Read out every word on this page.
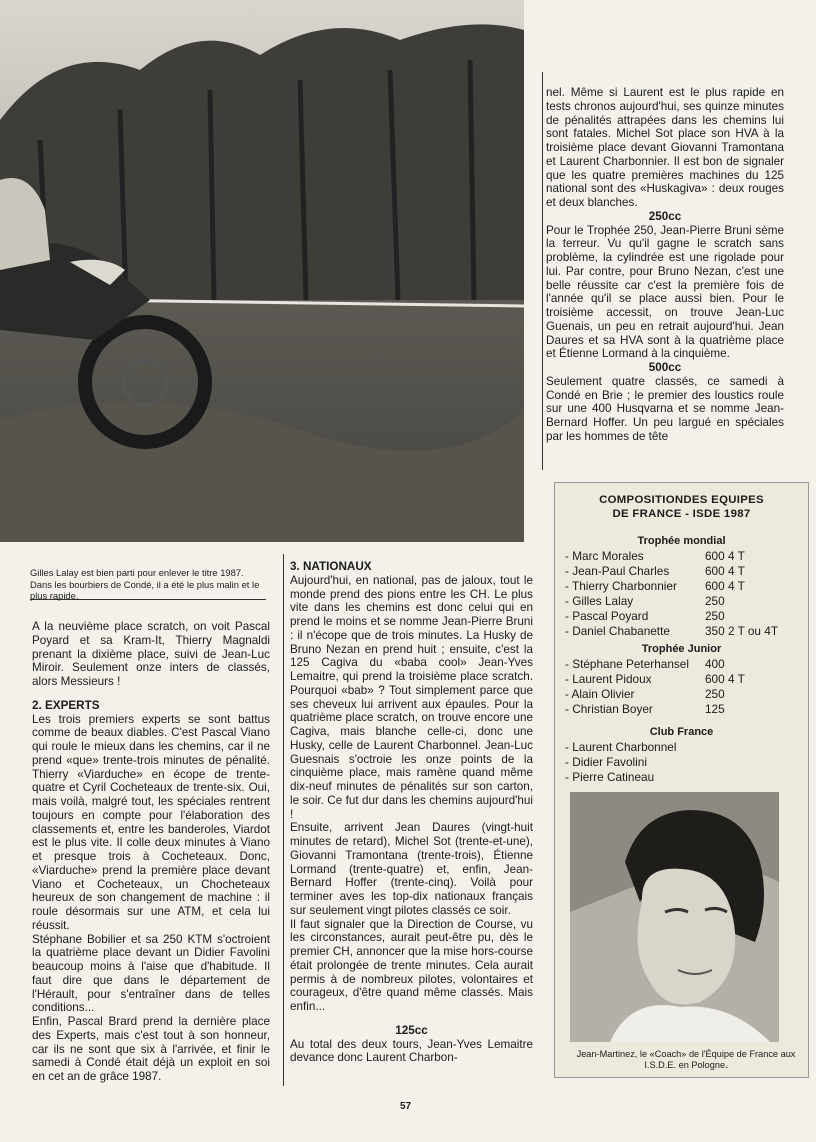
Gilles Lalay est bien parti pour enlever le titre 1987. Dans les bourbiers de Condé, il a été le plus malin et le plus rapide.

A la neuvième place scratch, on voit Pascal Poyard et sa Kram-It, Thierry Magnaldi prenant la dixième place, suivi de Jean-Luc Miroir. Seulement onze inters de classés, alors Messieurs !

2. EXPERTS

Les trois premiers experts se sont battus comme de beaux diables. C'est Pascal Viano qui roule le mieux dans les chemins, car il ne prend «que» trente-trois minutes de pénalité. Thierry «Viarduche» en écope de trente-quatre et Cyril Cocheteaux de trente-six. Oui, mais voilà, malgré tout, les spéciales rentrent toujours en compte pour l'élaboration des classements et, entre les banderoles, Viardot est le plus vite. Il colle deux minutes à Viano et presque trois à Cocheteaux. Donc, «Viarduche» prend la première place devant Viano et Cocheteaux, un Chocheteaux heureux de son changement de machine : il roule désormais sur une ATM, et cela lui réussit.

Stéphane Bobilier et sa 250 KTM s'octroient la quatrième place devant un Didier Favolini beaucoup moins à l'aise que d'habitude. Il faut dire que dans le département de l'Hérault, pour s'entraîner dans de telles conditions...

Enfin, Pascal Brard prend la dernière place des Experts, mais c'est tout à son honneur, car ils ne sont que six à l'arrivée, et finir le samedi à Condé était déjà un exploit en soi en cet an de grâce 1987.

3. NATIONAUX

Aujourd'hui, en national, pas de jaloux, tout le monde prend des pions entre les CH. Le plus vite dans les chemins est donc celui qui en prend le moins et se nomme Jean-Pierre Bruni : il n'écope que de trois minutes. La Husky de Bruno Nezan en prend huit ; ensuite, c'est la 125 Cagiva du «baba cool» Jean-Yves Lemaitre, qui prend la troisième place scratch. Pourquoi «bab» ? Tout simplement parce que ses cheveux lui arrivent aux épaules. Pour la quatrième place scratch, on trouve encore une Cagiva, mais blanche celle-ci, donc une Husky, celle de Laurent Charbonnel. Jean-Luc Guesnais s'octroie les onze points de la cinquième place, mais ramène quand même dix-neuf minutes de pénalités sur son carton, le soir. Ce fut dur dans les chemins aujourd'hui !

Ensuite, arrivent Jean Daures (vingt-huit minutes de retard), Michel Sot (trente-et-une), Giovanni Tramontana (trente-trois), Étienne Lormand (trente-quatre) et, enfin, Jean-Bernard Hoffer (trente-cinq). Voilà pour terminer aves les top-dix nationaux français sur seulement vingt pilotes classés ce soir.

Il faut signaler que la Direction de Course, vu les circonstances, aurait peut-être pu, dès le premier CH, annoncer que la mise hors-course était prolongée de trente minutes. Cela aurait permis à de nombreux pilotes, volontaires et courageux, d'être quand même classés. Mais enfin...

125cc

Au total des deux tours, Jean-Yves Lemaitre devance donc Laurent Charbon-

nel. Même si Laurent est le plus rapide en tests chronos aujourd'hui, ses quinze minutes de pénalités attrapées dans les chemins lui sont fatales. Michel Sot place son HVA à la troisième place devant Giovanni Tramontana et Laurent Charbonnier. Il est bon de signaler que les quatre premières machines du 125 national sont des «Huskagiva» : deux rouges et deux blanches.

250cc

Pour le Trophée 250, Jean-Pierre Bruni sème la terreur. Vu qu'il gagne le scratch sans problème, la cylindrée est une rigolade pour lui. Par contre, pour Bruno Nezan, c'est une belle réussite car c'est la première fois de l'année qu'il se place aussi bien. Pour le troisième accessit, on trouve Jean-Luc Guenais, un peu en retrait aujourd'hui. Jean Daures et sa HVA sont à la quatrième place et Étienne Lormand à la cinquième.

500cc

Seulement quatre classés, ce samedi à Condé en Brie ; le premier des loustics roule sur une 400 Husqvarna et se nomme Jean-Bernard Hoffer. Un peu largué en spéciales par les hommes de tête

COMPOSITIONDES EQUIPES
DE FRANCE - ISDE 1987
Trophée mondial
- Marc Morales	600 4 T
- Jean-Paul Charles	600 4 T
- Thierry Charbonnier	600 4 T
- Gilles Lalay	250
- Pascal Poyard	250
- Daniel Chabanette	350 2 T ou 4T
Trophée Junior
- Stéphane Peterhansel	400
- Laurent Pidoux	600 4 T
- Alain Olivier	250
- Christian Boyer	125
Club France
- Laurent Charbonnel
- Didier Favolini
- Pierre Catineau
Jean-Martinez, le «Coach» de l'Équipe de France aux I.S.D.E. en Pologne.
57
